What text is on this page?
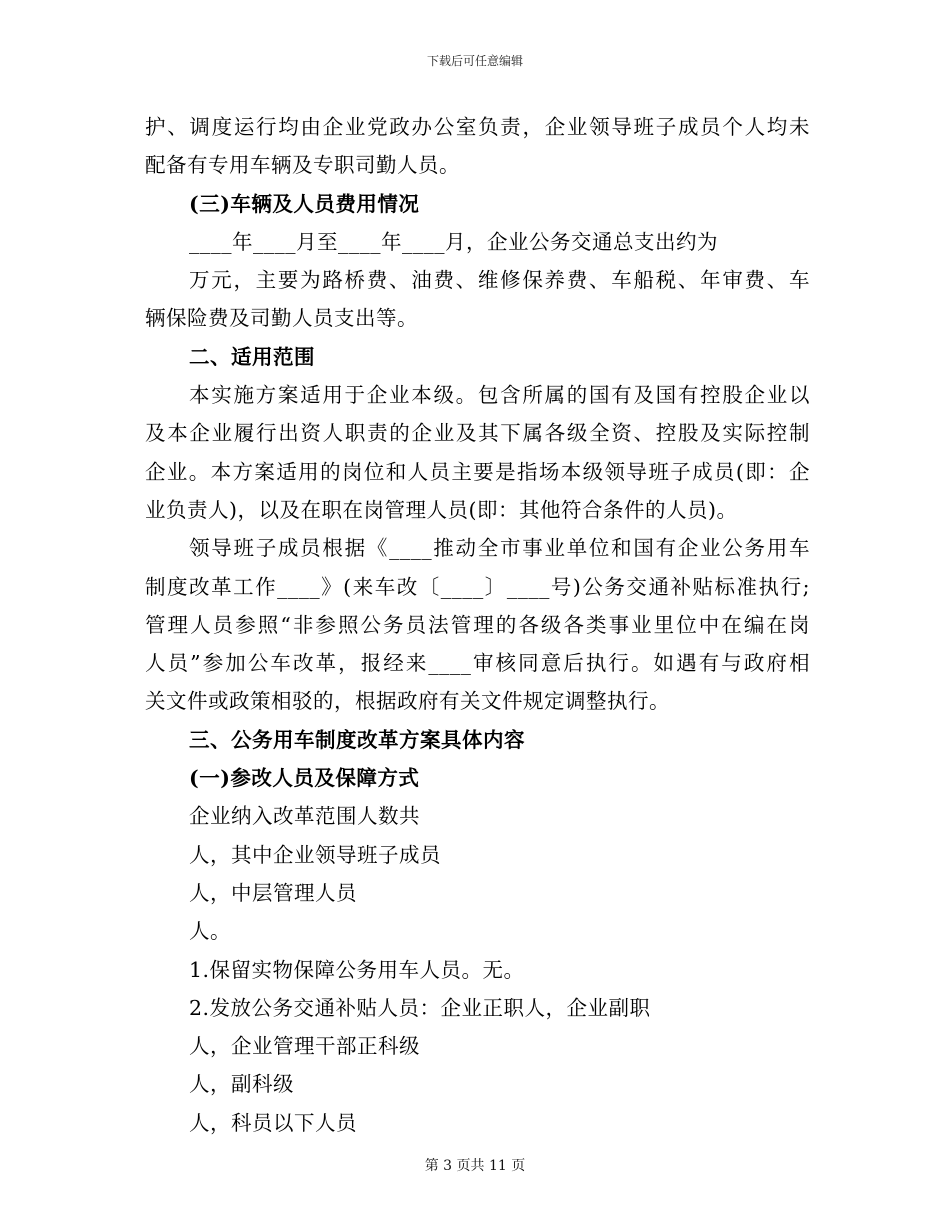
下载后可任意编辑
护、调度运行均由企业党政办公室负责，企业领导班子成员个人均未
配备有专用车辆及专职司勤人员。
(三)车辆及人员费用情况
____年____月至____年____月，企业公务交通总支出约为
万元，主要为路桥费、油费、维修保养费、车船税、年审费、车
辆保险费及司勤人员支出等。
二、适用范围
本实施方案适用于企业本级。包含所属的国有及国有控股企业以
及本企业履行出资人职责的企业及其下属各级全资、控股及实际控制
企业。本方案适用的岗位和人员主要是指场本级领导班子成员(即：企
业负责人)，以及在职在岗管理人员(即：其他符合条件的人员)。
领导班子成员根据《____推动全市事业单位和国有企业公务用车
制度改革工作____》(来车改〔____〕____号)公务交通补贴标准执行;
管理人员参照“非参照公务员法管理的各级各类事业里位中在编在岗
人员”参加公车改革，报经来____审核同意后执行。如遇有与政府相
关文件或政策相驳的，根据政府有关文件规定调整执行。
三、公务用车制度改革方案具体内容
(一)参改人员及保障方式
企业纳入改革范围人数共
人，其中企业领导班子成员
人，中层管理人员
人。
1.保留实物保障公务用车人员。无。
2.发放公务交通补贴人员：企业正职人，企业副职
人，企业管理干部正科级
人，副科级
人，科员以下人员
第 3 页共 11 页
